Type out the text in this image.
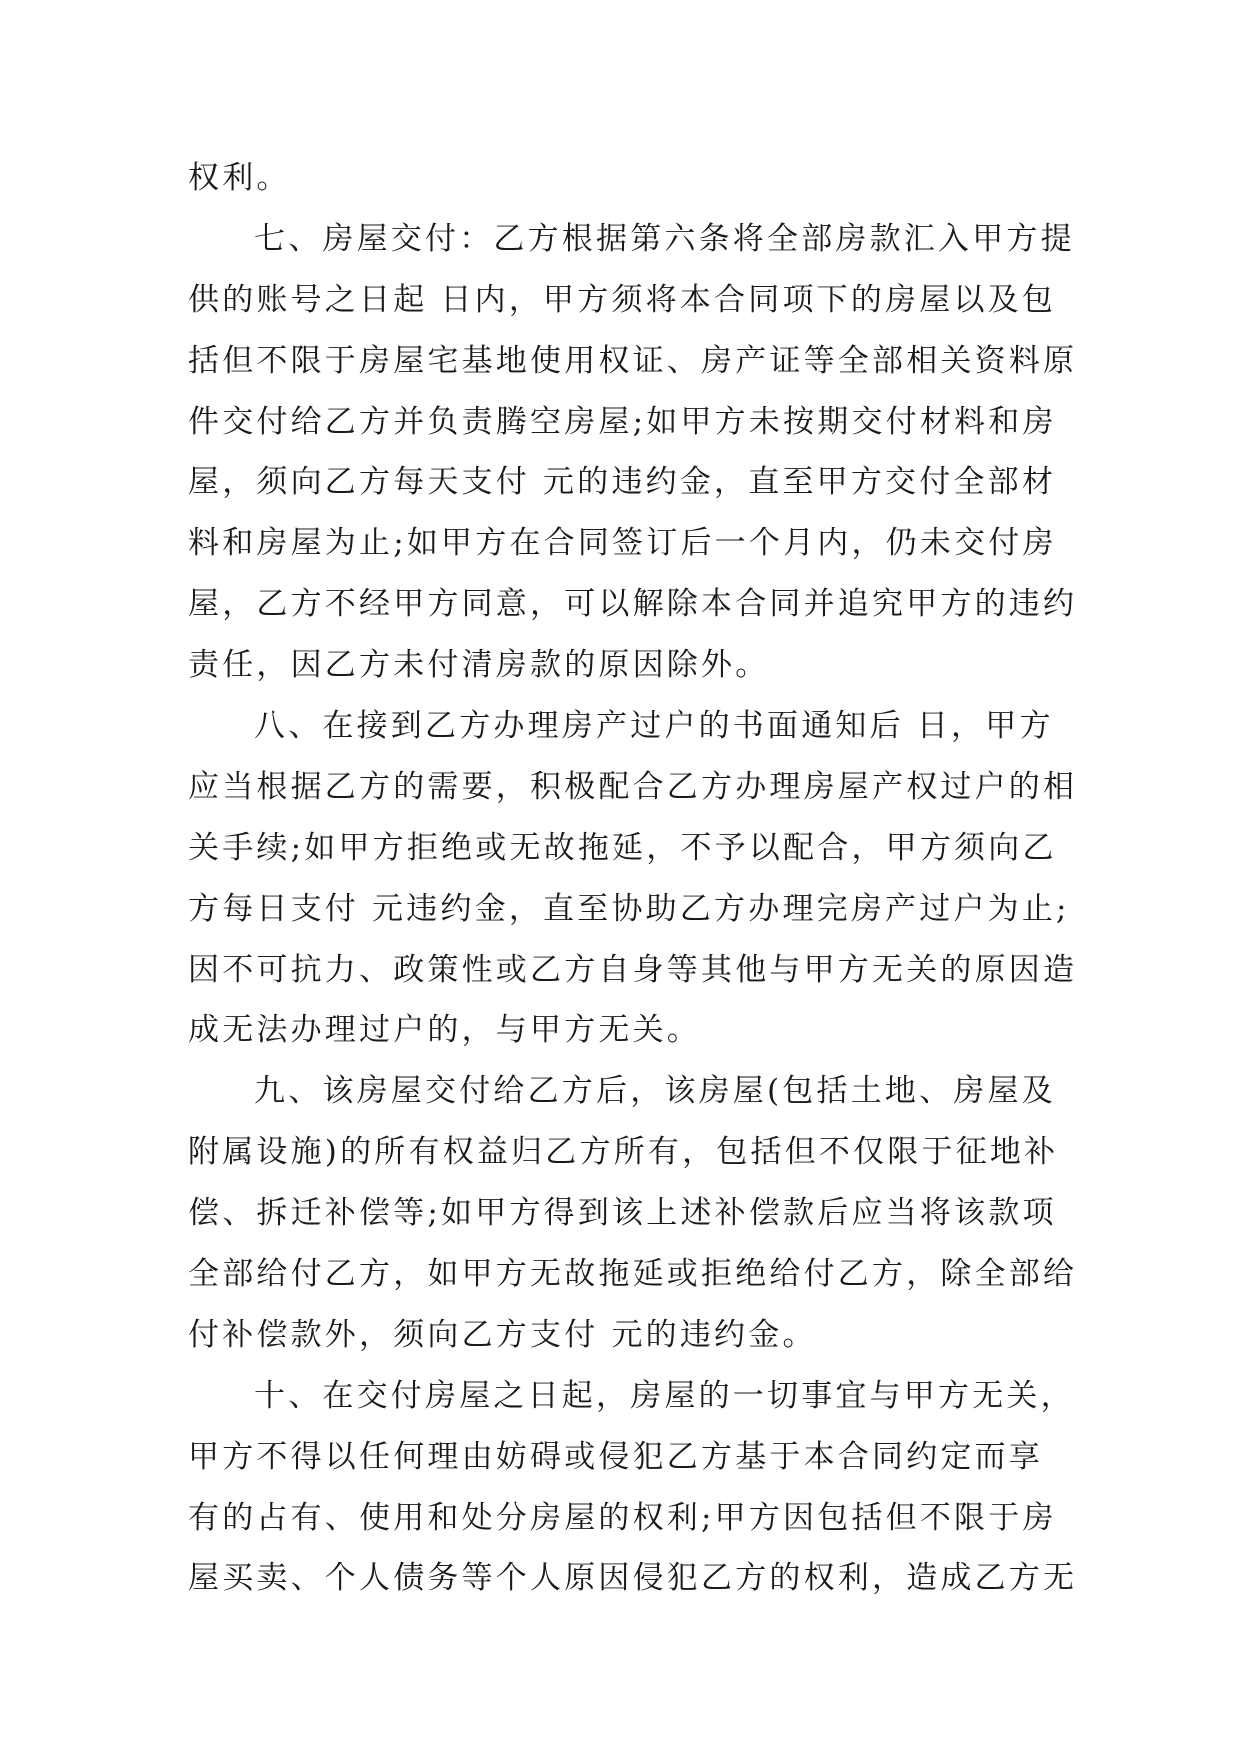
权利。
七、房屋交付：乙方根据第六条将全部房款汇入甲方提
供的账号之日起 日内，甲方须将本合同项下的房屋以及包
括但不限于房屋宅基地使用权证、房产证等全部相关资料原
件交付给乙方并负责腾空房屋;如甲方未按期交付材料和房
屋，须向乙方每天支付 元的违约金，直至甲方交付全部材
料和房屋为止;如甲方在合同签订后一个月内，仍未交付房
屋，乙方不经甲方同意，可以解除本合同并追究甲方的违约
责任，因乙方未付清房款的原因除外。
八、在接到乙方办理房产过户的书面通知后 日，甲方
应当根据乙方的需要，积极配合乙方办理房屋产权过户的相
关手续;如甲方拒绝或无故拖延，不予以配合，甲方须向乙
方每日支付 元违约金，直至协助乙方办理完房产过户为止;
因不可抗力、政策性或乙方自身等其他与甲方无关的原因造
成无法办理过户的，与甲方无关。
九、该房屋交付给乙方后，该房屋(包括土地、房屋及
附属设施)的所有权益归乙方所有，包括但不仅限于征地补
偿、拆迁补偿等;如甲方得到该上述补偿款后应当将该款项
全部给付乙方，如甲方无故拖延或拒绝给付乙方，除全部给
付补偿款外，须向乙方支付 元的违约金。
十、在交付房屋之日起，房屋的一切事宜与甲方无关，
甲方不得以任何理由妨碍或侵犯乙方基于本合同约定而享
有的占有、使用和处分房屋的权利;甲方因包括但不限于房
屋买卖、个人债务等个人原因侵犯乙方的权利，造成乙方无
